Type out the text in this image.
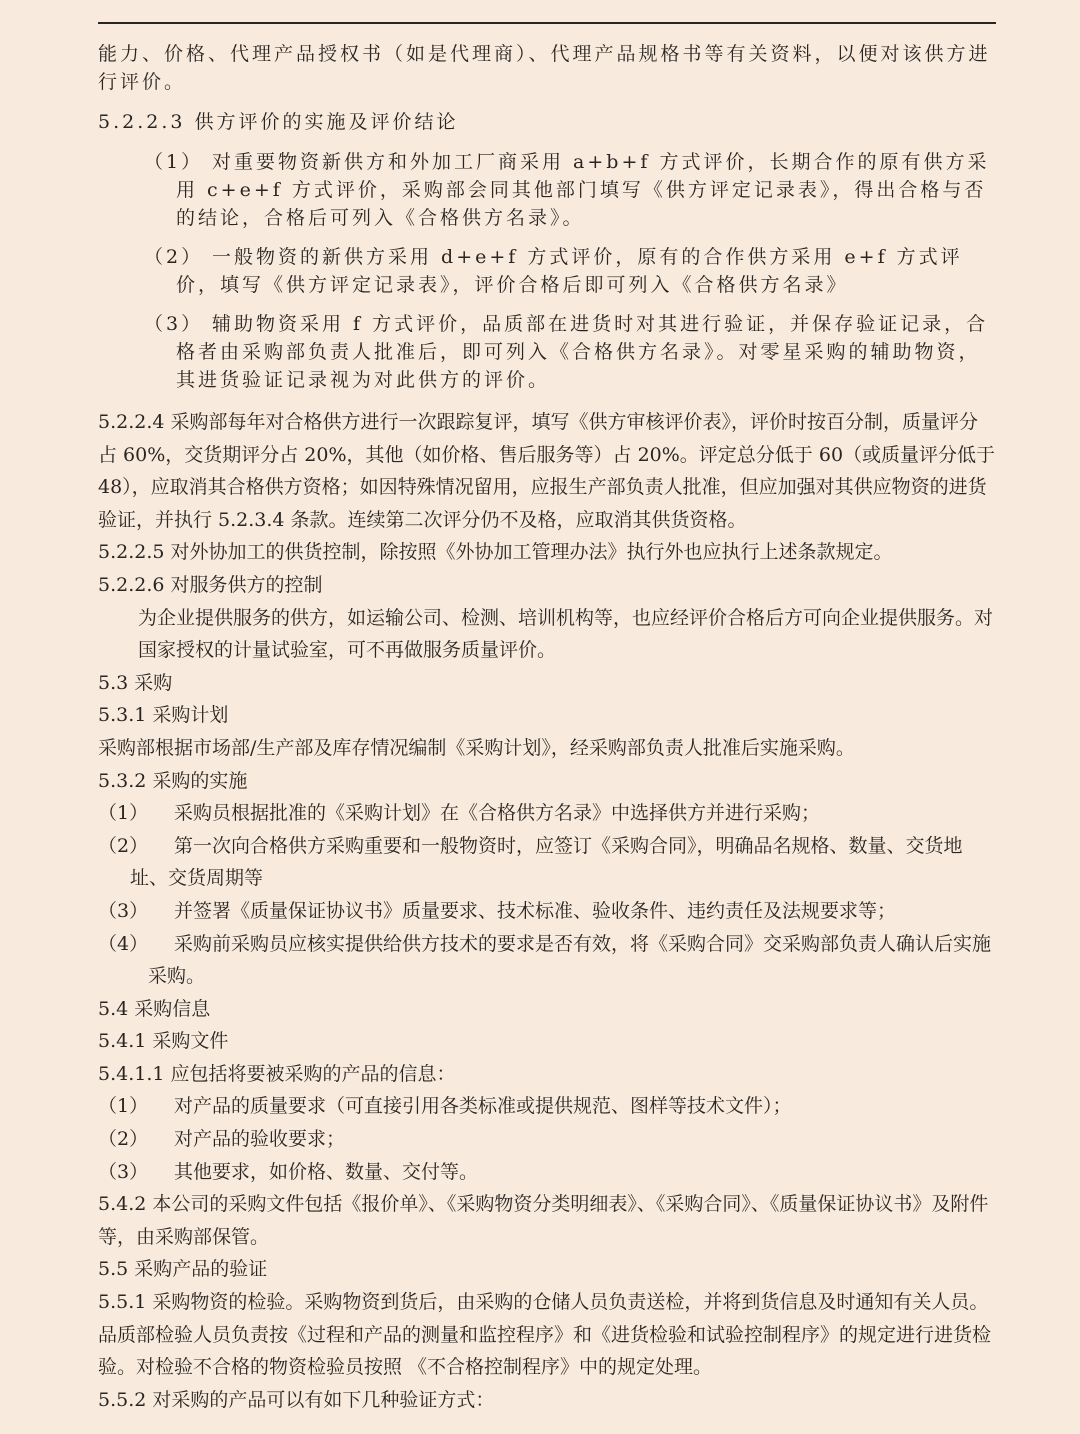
能力、价格、代理产品授权书（如是代理商）、代理产品规格书等有关资料，以便对该供方进行评价。

5.2.2.3 供方评价的实施及评价结论

（1） 对重要物资新供方和外加工厂商采用 a+b+f 方式评价，长期合作的原有供方采用 c+e+f 方式评价，采购部会同其他部门填写《供方评定记录表》，得出合格与否的结论，合格后可列入《合格供方名录》。
（2） 一般物资的新供方采用 d+e+f 方式评价，原有的合作供方采用 e+f 方式评价，填写《供方评定记录表》，评价合格后即可列入《合格供方名录》
（3） 辅助物资采用 f 方式评价，品质部在进货时对其进行验证，并保存验证记录，合格者由采购部负责人批准后，即可列入《合格供方名录》。对零星采购的辅助物资，其进货验证记录视为对此供方的评价。

5.2.2.4 采购部每年对合格供方进行一次跟踪复评，填写《供方审核评价表》，评价时按百分制，质量评分占 60%，交货期评分占 20%，其他（如价格、售后服务等）占 20%。评定总分低于 60（或质量评分低于 48），应取消其合格供方资格；如因特殊情况留用，应报生产部负责人批准，但应加强对其供应物资的进货验证，并执行 5.2.3.4 条款。连续第二次评分仍不及格，应取消其供货资格。

5.2.2.5 对外协加工的供货控制，除按照《外协加工管理办法》执行外也应执行上述条款规定。

5.2.2.6 对服务供方的控制

为企业提供服务的供方，如运输公司、检测、培训机构等，也应经评价合格后方可向企业提供服务。对国家授权的计量试验室，可不再做服务质量评价。

5.3 采购

5.3.1 采购计划

采购部根据市场部/生产部及库存情况编制《采购计划》，经采购部负责人批准后实施采购。

5.3.2 采购的实施

（1）	采购员根据批准的《采购计划》在《合格供方名录》中选择供方并进行采购；
（2）	第一次向合格供方采购重要和一般物资时，应签订《采购合同》，明确品名规格、数量、交货地址、交货周期等
（3）	并签署《质量保证协议书》质量要求、技术标准、验收条件、违约责任及法规要求等；
（4）	采购前采购员应核实提供给供方技术的要求是否有效，将《采购合同》交采购部负责人确认后实施采购。

5.4 采购信息

5.4.1 采购文件

5.4.1.1 应包括将要被采购的产品的信息：

（1）	对产品的质量要求（可直接引用各类标准或提供规范、图样等技术文件）；
（2）	对产品的验收要求；
（3）	其他要求，如价格、数量、交付等。

5.4.2 本公司的采购文件包括《报价单》、《采购物资分类明细表》、《采购合同》、《质量保证协议书》及附件等，由采购部保管。

5.5 采购产品的验证

5.5.1 采购物资的检验。采购物资到货后，由采购的仓储人员负责送检，并将到货信息及时通知有关人员。品质部检验人员负责按《过程和产品的测量和监控程序》和《进货检验和试验控制程序》的规定进行进货检验。对检验不合格的物资检验员按照 《不合格控制程序》中的规定处理。

5.5.2 对采购的产品可以有如下几种验证方式：
